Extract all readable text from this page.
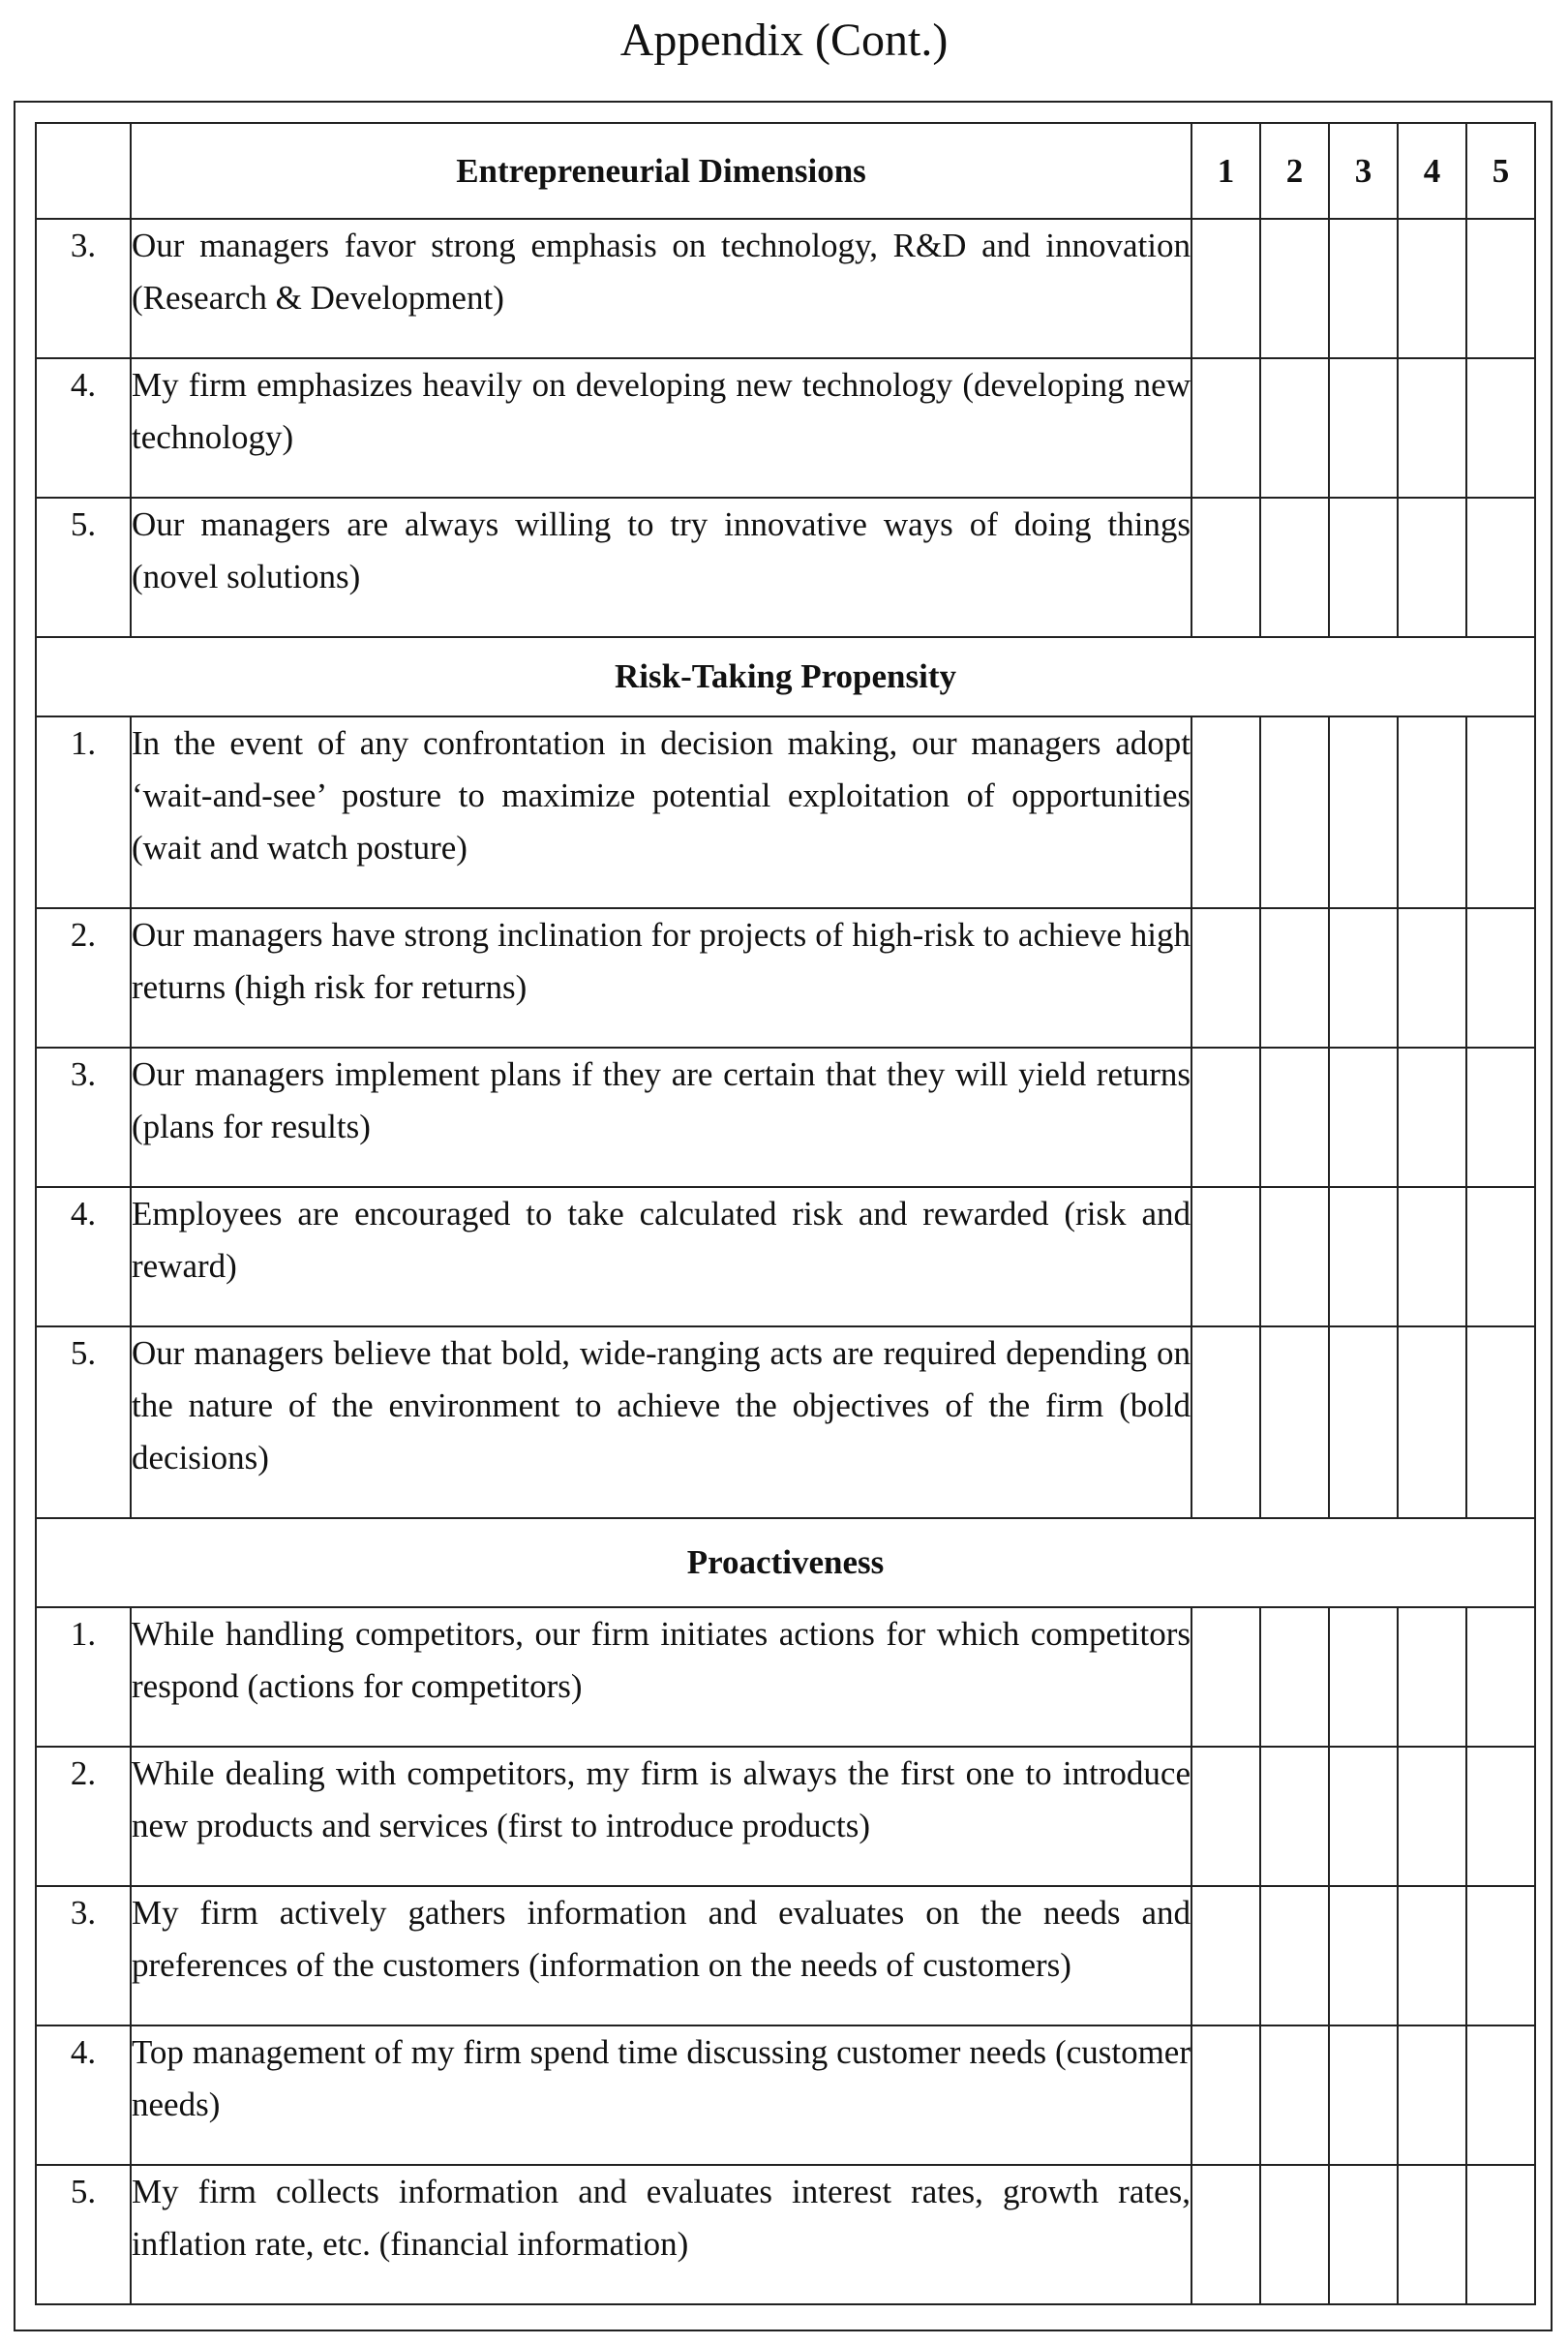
Appendix (Cont.)
	Entrepreneurial Dimensions	1	2	3	4	5
3.	Our managers favor strong emphasis on technology, R&D and innovation (Research & Development)					
4.	My firm emphasizes heavily on developing new technology (developing new technology)					
5.	Our managers are always willing to try innovative ways of doing things (novel solutions)					
Risk-Taking Propensity						
1.	In the event of any confrontation in decision making, our managers adopt ‘wait-and-see’ posture to maximize potential exploitation of opportunities (wait and watch posture)					
2.	Our managers have strong inclination for projects of high-risk to achieve high returns (high risk for returns)					
3.	Our managers implement plans if they are certain that they will yield returns (plans for results)					
4.	Employees are encouraged to take calculated risk and rewarded (risk and reward)					
5.	Our managers believe that bold, wide-ranging acts are required depending on the nature of the environment to achieve the objectives of the firm (bold decisions)					
Proactiveness						
1.	While handling competitors, our firm initiates actions for which competitors respond (actions for competitors)					
2.	While dealing with competitors, my firm is always the first one to introduce new products and services (first to introduce products)					
3.	My firm actively gathers information and evaluates on the needs and preferences of the customers (information on the needs of customers)					
4.	Top management of my firm spend time discussing customer needs (customer needs)					
5.	My firm collects information and evaluates interest rates, growth rates, inflation rate, etc. (financial information)					
